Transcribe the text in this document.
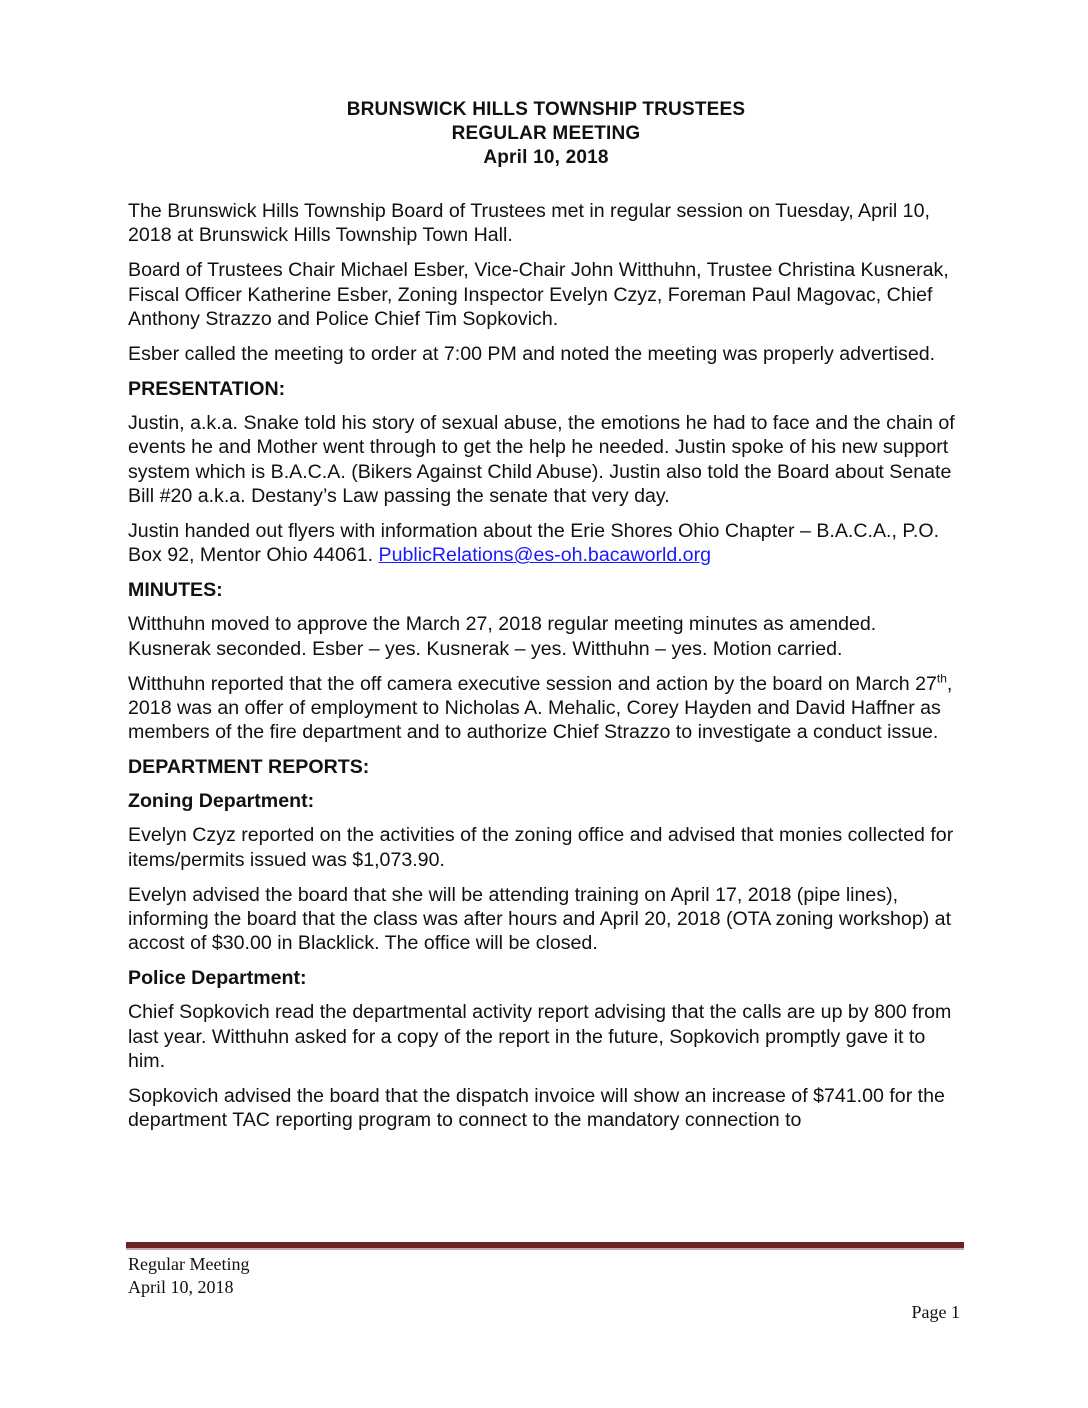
BRUNSWICK HILLS TOWNSHIP TRUSTEES
REGULAR MEETING
April 10, 2018

The Brunswick Hills Township Board of Trustees met in regular session on Tuesday, April 10, 2018 at Brunswick Hills Township Town Hall.

Board of Trustees Chair Michael Esber, Vice-Chair John Witthuhn, Trustee Christina Kusnerak, Fiscal Officer Katherine Esber, Zoning Inspector Evelyn Czyz, Foreman Paul Magovac, Chief Anthony Strazzo and Police Chief Tim Sopkovich.

Esber called the meeting to order at 7:00 PM and noted the meeting was properly advertised.

PRESENTATION:

Justin, a.k.a. Snake told his story of sexual abuse, the emotions he had to face and the chain of events he and Mother went through to get the help he needed. Justin spoke of his new support system which is B.A.C.A. (Bikers Against Child Abuse). Justin also told the Board about Senate Bill #20 a.k.a. Destany’s Law passing the senate that very day.

Justin handed out flyers with information about the Erie Shores Ohio Chapter – B.A.C.A., P.O. Box 92, Mentor Ohio 44061. PublicRelations@es-oh.bacaworld.org

MINUTES:

Witthuhn moved to approve the March 27, 2018 regular meeting minutes as amended. Kusnerak seconded. Esber – yes. Kusnerak – yes. Witthuhn – yes. Motion carried.

Witthuhn reported that the off camera executive session and action by the board on March 27th, 2018 was an offer of employment to Nicholas A. Mehalic, Corey Hayden and David Haffner as members of the fire department and to authorize Chief Strazzo to investigate a conduct issue.

DEPARTMENT REPORTS:
Zoning Department:

Evelyn Czyz reported on the activities of the zoning office and advised that monies collected for items/permits issued was $1,073.90.

Evelyn advised the board that she will be attending training on April 17, 2018 (pipe lines), informing the board that the class was after hours and April 20, 2018 (OTA zoning workshop) at accost of $30.00 in Blacklick. The office will be closed.

Police Department:

Chief Sopkovich read the departmental activity report advising that the calls are up by 800 from last year. Witthuhn asked for a copy of the report in the future, Sopkovich promptly gave it to him.

Sopkovich advised the board that the dispatch invoice will show an increase of $741.00 for the department TAC reporting program to connect to the mandatory connection to

Regular Meeting
April 10, 2018
Page 1
